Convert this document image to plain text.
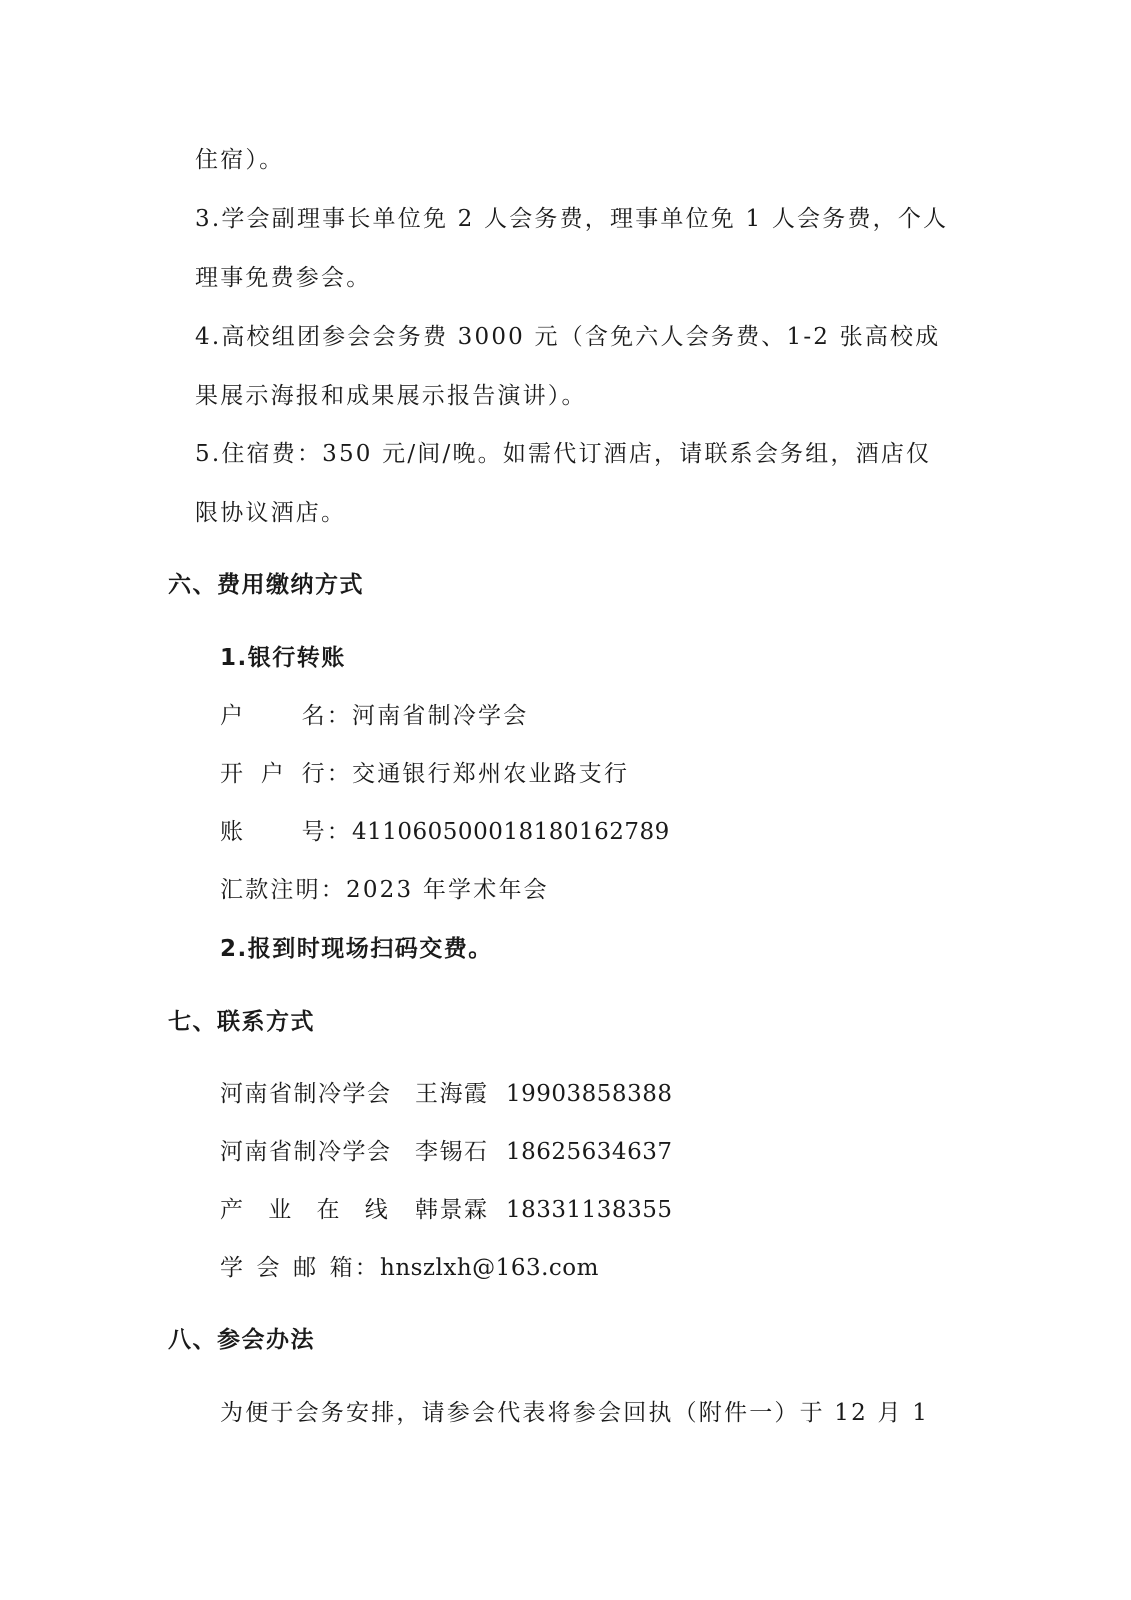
住宿）。
3.学会副理事长单位免 2 人会务费，理事单位免 1 人会务费，个人
理事免费参会。
4.高校组团参会会务费 3000 元（含免六人会务费、1-2 张高校成
果展示海报和成果展示报告演讲）。
5.住宿费：350 元/间/晚。如需代订酒店，请联系会务组，酒店仅
限协议酒店。
六、费用缴纳方式
1.银行转账
户 名： 河南省制冷学会
开 户 行： 交通银行郑州农业路支行
账 号： 411060500018180162789
汇款注明：2023 年学术年会
2.报到时现场扫码交费。
七、联系方式
河南省制冷学会 王海霞 19903858388
河南省制冷学会 李锡石 18625634637
产 业 在 线 韩景霖 18331138355
学 会 邮 箱： hnszlxh@163.com
八、参会办法
为便于会务安排，请参会代表将参会回执（附件一）于 12 月 1
